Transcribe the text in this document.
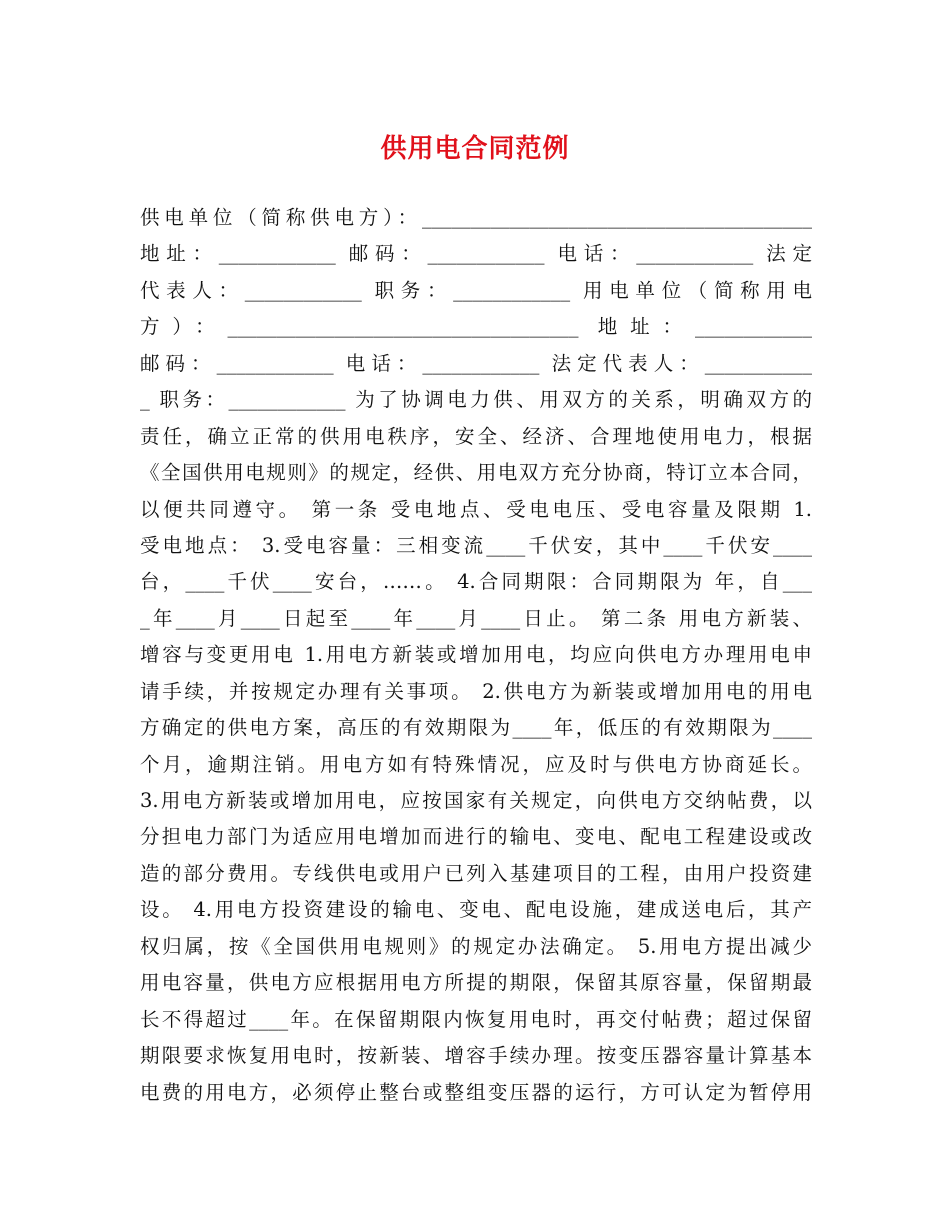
供用电合同范例
供电单位（简称供电方）：________________________________________
地址：____________ 邮码：____________ 电话：____________ 法定
代表人：____________ 职务：____________ 用电单位（简称用电
方）：____________________________________ 地址：____________
邮码：____________ 电话：____________ 法定代表人：___________
_ 职务：____________ 为了协调电力供、用双方的关系，明确双方的
责任，确立正常的供用电秩序，安全、经济、合理地使用电力，根据
《全国供用电规则》的规定，经供、用电双方充分协商，特订立本合同，
以便共同遵守。 第一条 受电地点、受电电压、受电容量及限期 1.
受电地点： 3.受电容量：三相变流____千伏安，其中____千伏安____
台，____千伏____安台，……。 4.合同期限：合同期限为 年，自___
_年____月____日起至____年____月____日止。 第二条 用电方新装、
增容与变更用电 1.用电方新装或增加用电，均应向供电方办理用电申
请手续，并按规定办理有关事项。 2.供电方为新装或增加用电的用电
方确定的供电方案，高压的有效期限为____年，低压的有效期限为____
个月，逾期注销。用电方如有特殊情况，应及时与供电方协商延长。
3.用电方新装或增加用电，应按国家有关规定，向供电方交纳帖费，以
分担电力部门为适应用电增加而进行的输电、变电、配电工程建设或改
造的部分费用。专线供电或用户已列入基建项目的工程，由用户投资建
设。 4.用电方投资建设的输电、变电、配电设施，建成送电后，其产
权归属，按《全国供用电规则》的规定办法确定。 5.用电方提出减少
用电容量，供电方应根据用电方所提的期限，保留其原容量，保留期最
长不得超过____年。在保留期限内恢复用电时，再交付帖费；超过保留
期限要求恢复用电时，按新装、增容手续办理。按变压器容量计算基本
电费的用电方，必须停止整台或整组变压器的运行，方可认定为暂停用
